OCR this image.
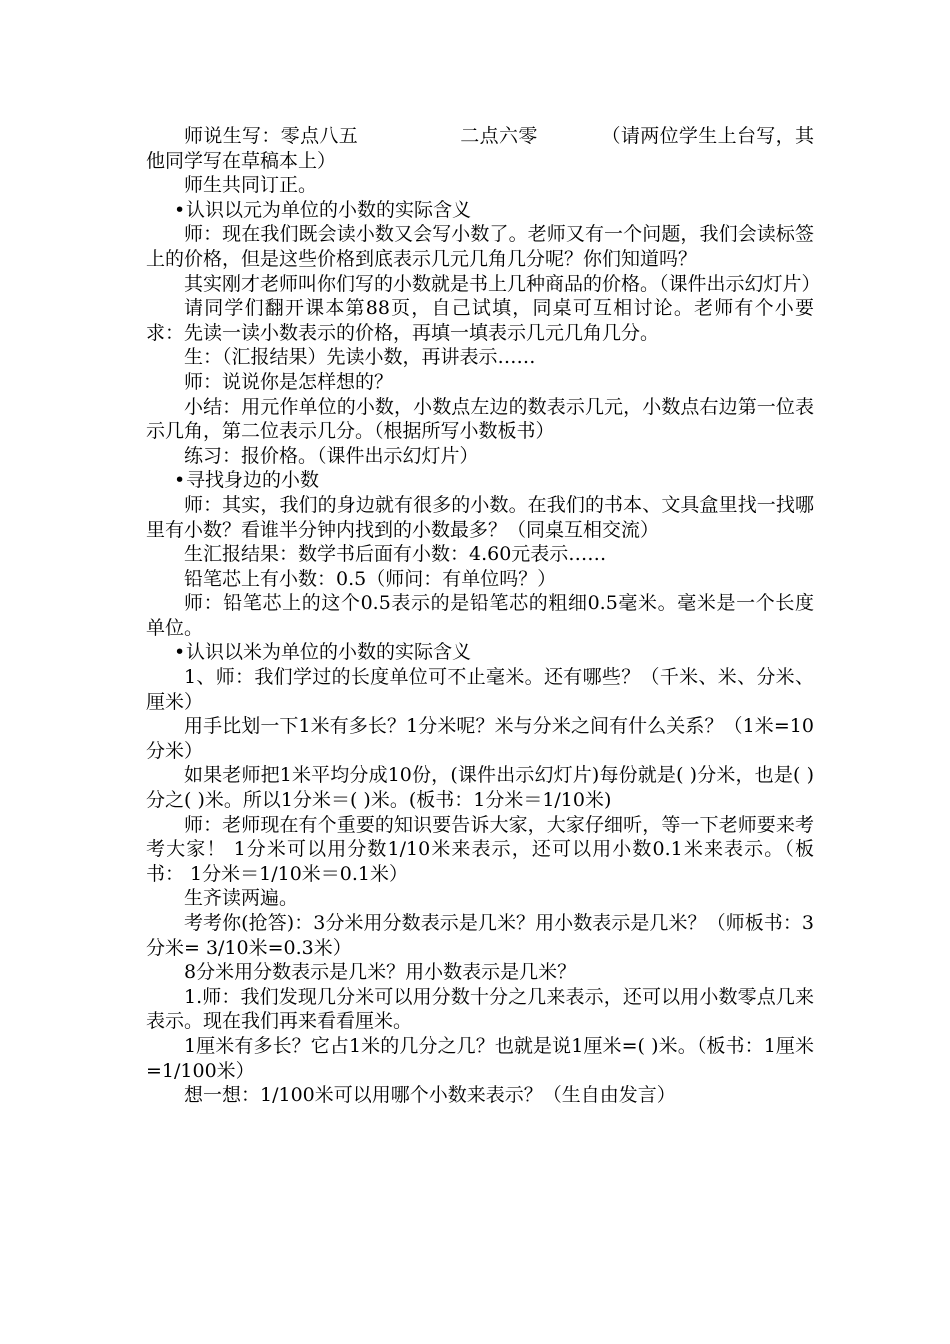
师说生写：零点八五                二点六零          （请两位学生上台写，其他同学写在草稿本上）

师生共同订正。

•认识以元为单位的小数的实际含义

师：现在我们既会读小数又会写小数了。老师又有一个问题，我们会读标签上的价格，但是这些价格到底表示几元几角几分呢？你们知道吗？

其实刚才老师叫你们写的小数就是书上几种商品的价格。（课件出示幻灯片）

请同学们翻开课本第88页，自己试填，同桌可互相讨论。老师有个小要求：先读一读小数表示的价格，再填一填表示几元几角几分。

生：（汇报结果）先读小数，再讲表示……

师：说说你是怎样想的？

小结：用元作单位的小数，小数点左边的数表示几元，小数点右边第一位表示几角，第二位表示几分。（根据所写小数板书）

练习：报价格。（课件出示幻灯片）

•寻找身边的小数

师：其实，我们的身边就有很多的小数。在我们的书本、文具盒里找一找哪里有小数？看谁半分钟内找到的小数最多？（同桌互相交流）

生汇报结果：数学书后面有小数：4.60元表示……

铅笔芯上有小数：0.5（师问：有单位吗？）

师：铅笔芯上的这个0.5表示的是铅笔芯的粗细0.5毫米。毫米是一个长度单位。

•认识以米为单位的小数的实际含义

1、师：我们学过的长度单位可不止毫米。还有哪些？（千米、米、分米、厘米）

用手比划一下1米有多长？1分米呢？米与分米之间有什么关系？（1米=10分米）

如果老师把1米平均分成10份，(课件出示幻灯片)每份就是( )分米，也是( )分之( )米。所以1分米＝( )米。(板书：1分米＝1/10米)

师：老师现在有个重要的知识要告诉大家，大家仔细听，等一下老师要来考考大家！ 1分米可以用分数1/10米来表示，还可以用小数0.1米来表示。（板书： 1分米＝1/10米＝0.1米）

生齐读两遍。

考考你(抢答)：3分米用分数表示是几米？用小数表示是几米？（师板书：3分米= 3/10米=0.3米）

8分米用分数表示是几米？用小数表示是几米？

1.师：我们发现几分米可以用分数十分之几来表示，还可以用小数零点几来表示。现在我们再来看看厘米。

1厘米有多长？它占1米的几分之几？也就是说1厘米=( )米。（板书：1厘米=1/100米）

想一想：1/100米可以用哪个小数来表示？（生自由发言）
